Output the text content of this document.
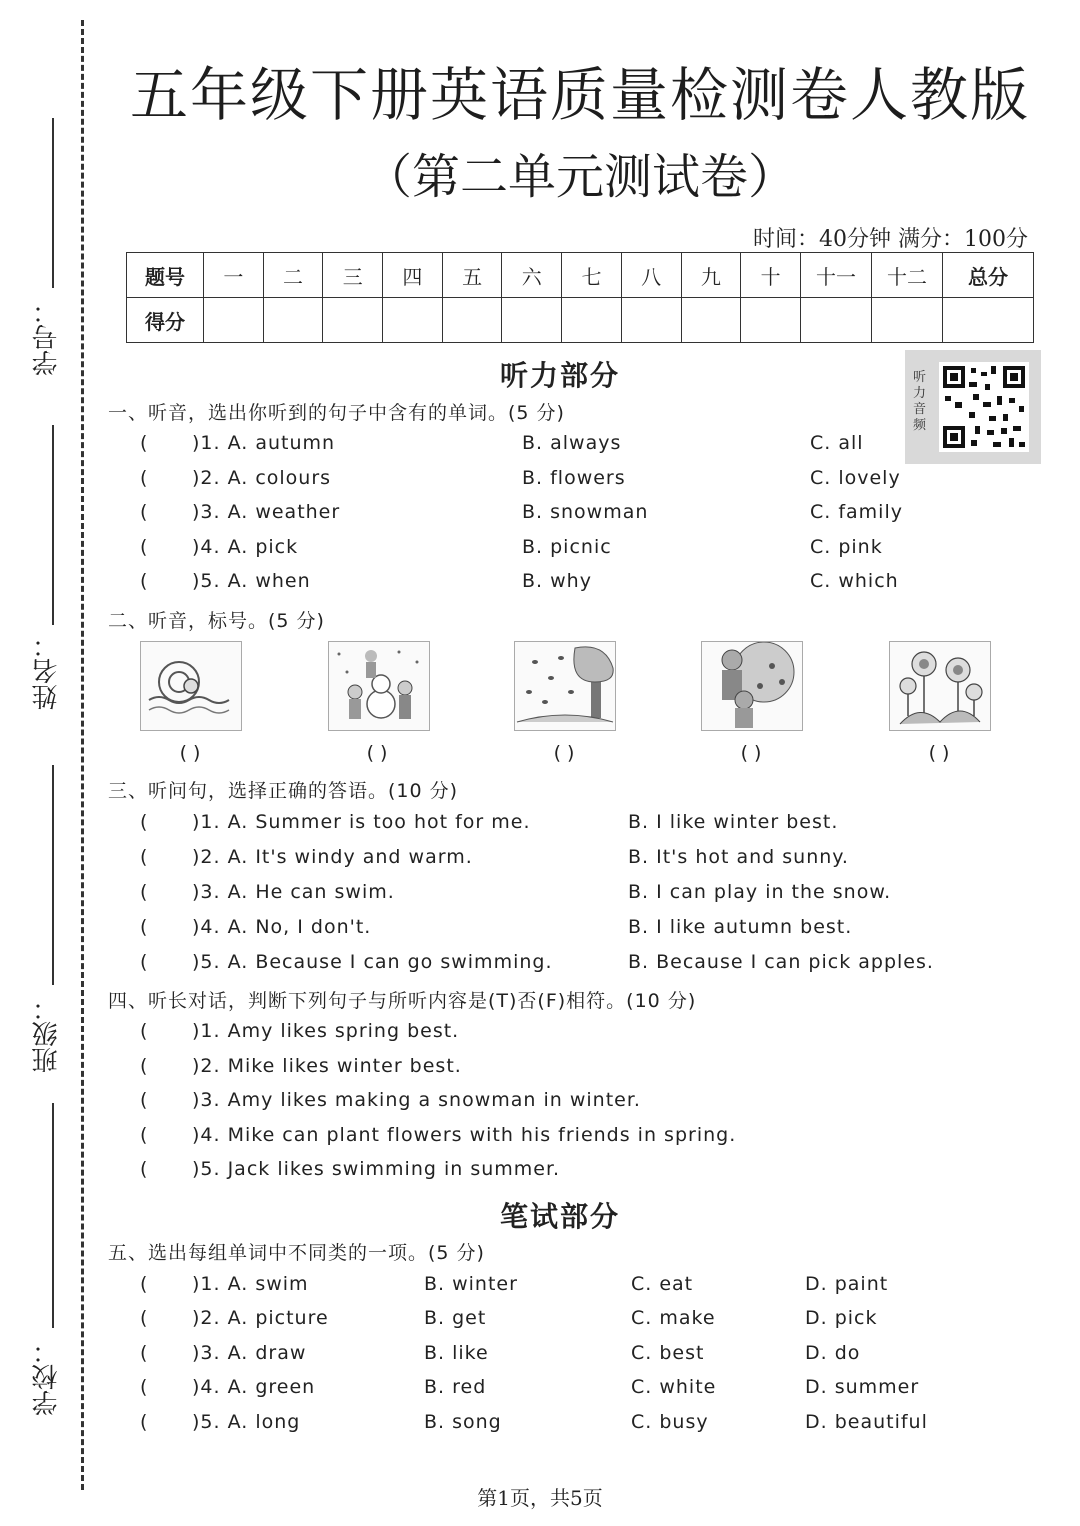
学号：
姓名：
班级：
学校：
五年级下册英语质量检测卷人教版
（第二单元测试卷）
时间：40分钟 满分：100分
题号	一	二	三	四	五	六	七	八	九	十	十一	十二	总分
得分													
听力部分	听力音频
一、听音，选出你听到的句子中含有的单词。(5 分)
( )1. A. autumn	B. always	C. all
( )2. A. colours	B. flowers	C. lovely
( )3. A. weather	B. snowman	C. family
( )4. A. pick	B. picnic	C. pink
( )5. A. when	B. why	C. which
二、听音，标号。(5 分)
( )	( )	( )	( )	( )
三、听问句，选择正确的答语。(10 分)
( )1. A. Summer is too hot for me.	B. I like winter best.
( )2. A. It's windy and warm.	B. It's hot and sunny.
( )3. A. He can swim.	B. I can play in the snow.
( )4. A. No, I don't.	B. I like autumn best.
( )5. A. Because I can go swimming.	B. Because I can pick apples.
四、听长对话，判断下列句子与所听内容是(T)否(F)相符。(10 分)
( )1. Amy likes spring best.
( )2. Mike likes winter best.
( )3. Amy likes making a snowman in winter.
( )4. Mike can plant flowers with his friends in spring.
( )5. Jack likes swimming in summer.
笔试部分
五、选出每组单词中不同类的一项。(5 分)
( )1. A. swim	B. winter	C. eat	D. paint
( )2. A. picture	B. get	C. make	D. pick
( )3. A. draw	B. like	C. best	D. do
( )4. A. green	B. red	C. white	D. summer
( )5. A. long	B. song	C. busy	D. beautiful
第1页，共5页
